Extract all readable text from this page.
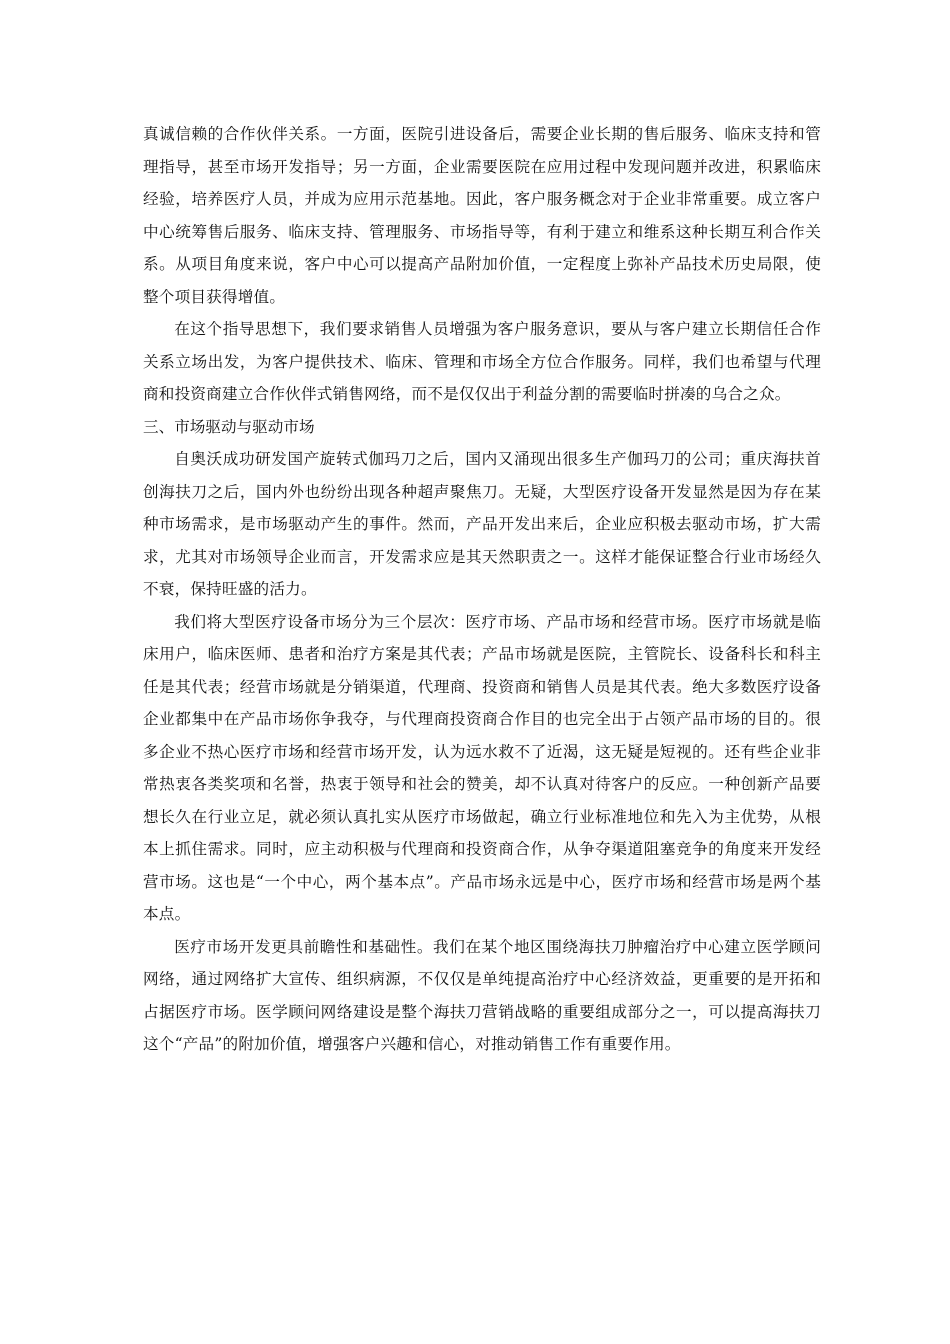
真诚信赖的合作伙伴关系。一方面，医院引进设备后，需要企业长期的售后服务、临床支持和管理指导，甚至市场开发指导；另一方面，企业需要医院在应用过程中发现问题并改进，积累临床经验，培养医疗人员，并成为应用示范基地。因此，客户服务概念对于企业非常重要。成立客户中心统筹售后服务、临床支持、管理服务、市场指导等，有利于建立和维系这种长期互利合作关系。从项目角度来说，客户中心可以提高产品附加价值，一定程度上弥补产品技术历史局限，使整个项目获得增值。

在这个指导思想下，我们要求销售人员增强为客户服务意识，要从与客户建立长期信任合作关系立场出发，为客户提供技术、临床、管理和市场全方位合作服务。同样，我们也希望与代理商和投资商建立合作伙伴式销售网络，而不是仅仅出于利益分割的需要临时拼凑的乌合之众。

三、市场驱动与驱动市场

自奥沃成功研发国产旋转式伽玛刀之后，国内又涌现出很多生产伽玛刀的公司；重庆海扶首创海扶刀之后，国内外也纷纷出现各种超声聚焦刀。无疑，大型医疗设备开发显然是因为存在某种市场需求，是市场驱动产生的事件。然而，产品开发出来后，企业应积极去驱动市场，扩大需求，尤其对市场领导企业而言，开发需求应是其天然职责之一。这样才能保证整合行业市场经久不衰，保持旺盛的活力。

我们将大型医疗设备市场分为三个层次：医疗市场、产品市场和经营市场。医疗市场就是临床用户，临床医师、患者和治疗方案是其代表；产品市场就是医院，主管院长、设备科长和科主任是其代表；经营市场就是分销渠道，代理商、投资商和销售人员是其代表。绝大多数医疗设备企业都集中在产品市场你争我夺，与代理商投资商合作目的也完全出于占领产品市场的目的。很多企业不热心医疗市场和经营市场开发，认为远水救不了近渴，这无疑是短视的。还有些企业非常热衷各类奖项和名誉，热衷于领导和社会的赞美，却不认真对待客户的反应。一种创新产品要想长久在行业立足，就必须认真扎实从医疗市场做起，确立行业标准地位和先入为主优势，从根本上抓住需求。同时，应主动积极与代理商和投资商合作，从争夺渠道阻塞竞争的角度来开发经营市场。这也是“一个中心，两个基本点”。产品市场永远是中心，医疗市场和经营市场是两个基本点。

医疗市场开发更具前瞻性和基础性。我们在某个地区围绕海扶刀肿瘤治疗中心建立医学顾问网络，通过网络扩大宣传、组织病源，不仅仅是单纯提高治疗中心经济效益，更重要的是开拓和占据医疗市场。医学顾问网络建设是整个海扶刀营销战略的重要组成部分之一，可以提高海扶刀这个“产品”的附加价值，增强客户兴趣和信心，对推动销售工作有重要作用。
